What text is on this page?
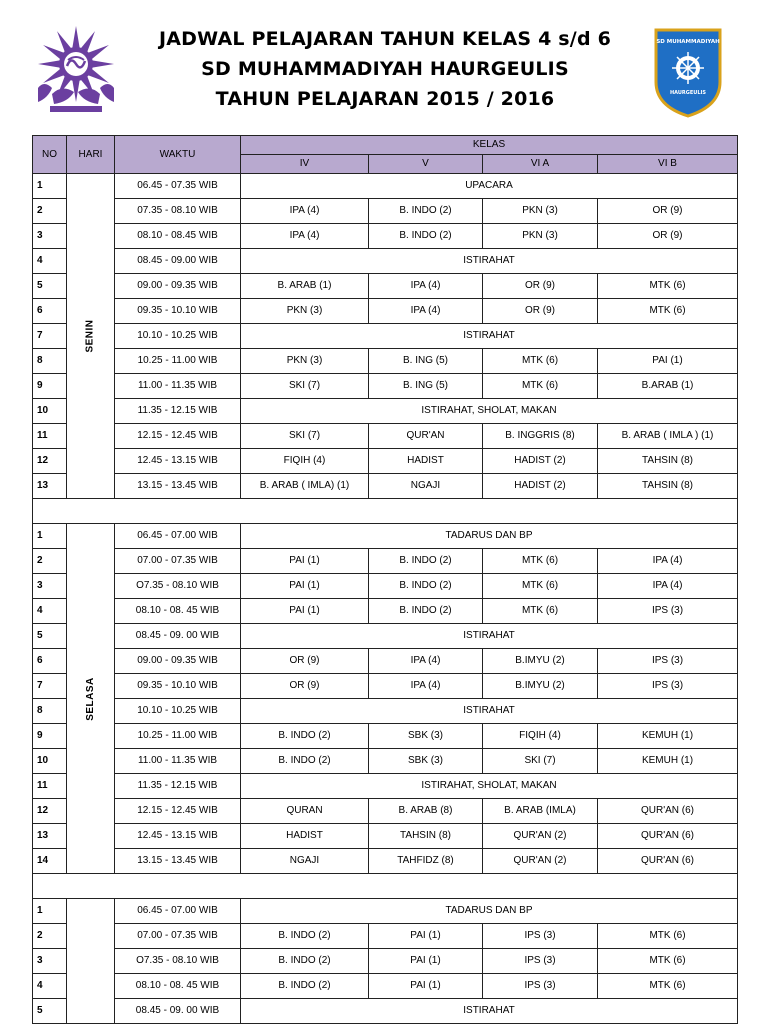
JADWAL PELAJARAN TAHUN KELAS 4 s/d 6
SD MUHAMMADIYAH HAURGEULIS
TAHUN PELAJARAN 2015 / 2016
SD MUHAMMADIYAH
HAURGEULIS
NO	HARI	WAKTU	KELAS			
			IV	V	VI A	VI B
1	SENIN	06.45 - 07.35 WIB	UPACARA			
2		07.35 - 08.10 WIB	IPA (4)	B. INDO (2)	PKN (3)	OR (9)
3		08.10 - 08.45 WIB	IPA (4)	B. INDO (2)	PKN (3)	OR (9)
4		08.45 - 09.00 WIB	ISTIRAHAT			
5		09.00 - 09.35 WIB	B. ARAB (1)	IPA (4)	OR (9)	MTK (6)
6		09.35 - 10.10 WIB	PKN (3)	IPA (4)	OR (9)	MTK (6)
7		10.10 - 10.25 WIB	ISTIRAHAT			
8		10.25 - 11.00 WIB	PKN (3)	B. ING (5)	MTK (6)	PAI (1)
9		11.00 - 11.35 WIB	SKI (7)	B. ING (5)	MTK (6)	B.ARAB (1)
10		11.35 - 12.15 WIB	ISTIRAHAT, SHOLAT, MAKAN			
11		12.15 - 12.45 WIB	SKI (7)	QUR'AN	B. INGGRIS (8)	B. ARAB ( IMLA ) (1)
12		12.45 - 13.15 WIB	FIQIH (4)	HADIST	HADIST (2)	TAHSIN (8)
13		13.15 - 13.45 WIB	B. ARAB ( IMLA) (1)	NGAJI	HADIST (2)	TAHSIN (8)

1	SELASA	06.45 - 07.00 WIB	TADARUS DAN BP			
2		07.00 - 07.35 WIB	PAI (1)	B. INDO (2)	MTK (6)	IPA (4)
3		O7.35 - 08.10 WIB	PAI (1)	B. INDO (2)	MTK (6)	IPA (4)
4		08.10 - 08. 45 WIB	PAI (1)	B. INDO (2)	MTK (6)	IPS (3)
5		08.45 - 09. 00 WIB	ISTIRAHAT			
6		09.00 - 09.35 WIB	OR (9)	IPA (4)	B.IMYU (2)	IPS (3)
7		09.35 - 10.10 WIB	OR (9)	IPA (4)	B.IMYU (2)	IPS (3)
8		10.10 - 10.25 WIB	ISTIRAHAT			
9		10.25 - 11.00 WIB	B. INDO (2)	SBK (3)	FIQIH (4)	KEMUH (1)
10		11.00 - 11.35 WIB	B. INDO (2)	SBK (3)	SKI (7)	KEMUH (1)
11		11.35 - 12.15 WIB	ISTIRAHAT, SHOLAT, MAKAN			
12		12.15 - 12.45 WIB	QURAN	B. ARAB (8)	B. ARAB (IMLA)	QUR'AN (6)
13		12.45 - 13.15 WIB	HADIST	TAHSIN (8)	QUR'AN (2)	QUR'AN (6)
14		13.15 - 13.45 WIB	NGAJI	TAHFIDZ (8)	QUR'AN (2)	QUR'AN (6)

1		06.45 - 07.00 WIB	TADARUS DAN BP			
2		07.00 - 07.35 WIB	B. INDO (2)	PAI (1)	IPS (3)	MTK (6)
3		O7.35 - 08.10 WIB	B. INDO (2)	PAI (1)	IPS (3)	MTK (6)
4		08.10 - 08. 45 WIB	B. INDO (2)	PAI (1)	IPS (3)	MTK (6)
5		08.45 - 09. 00 WIB	ISTIRAHAT			
